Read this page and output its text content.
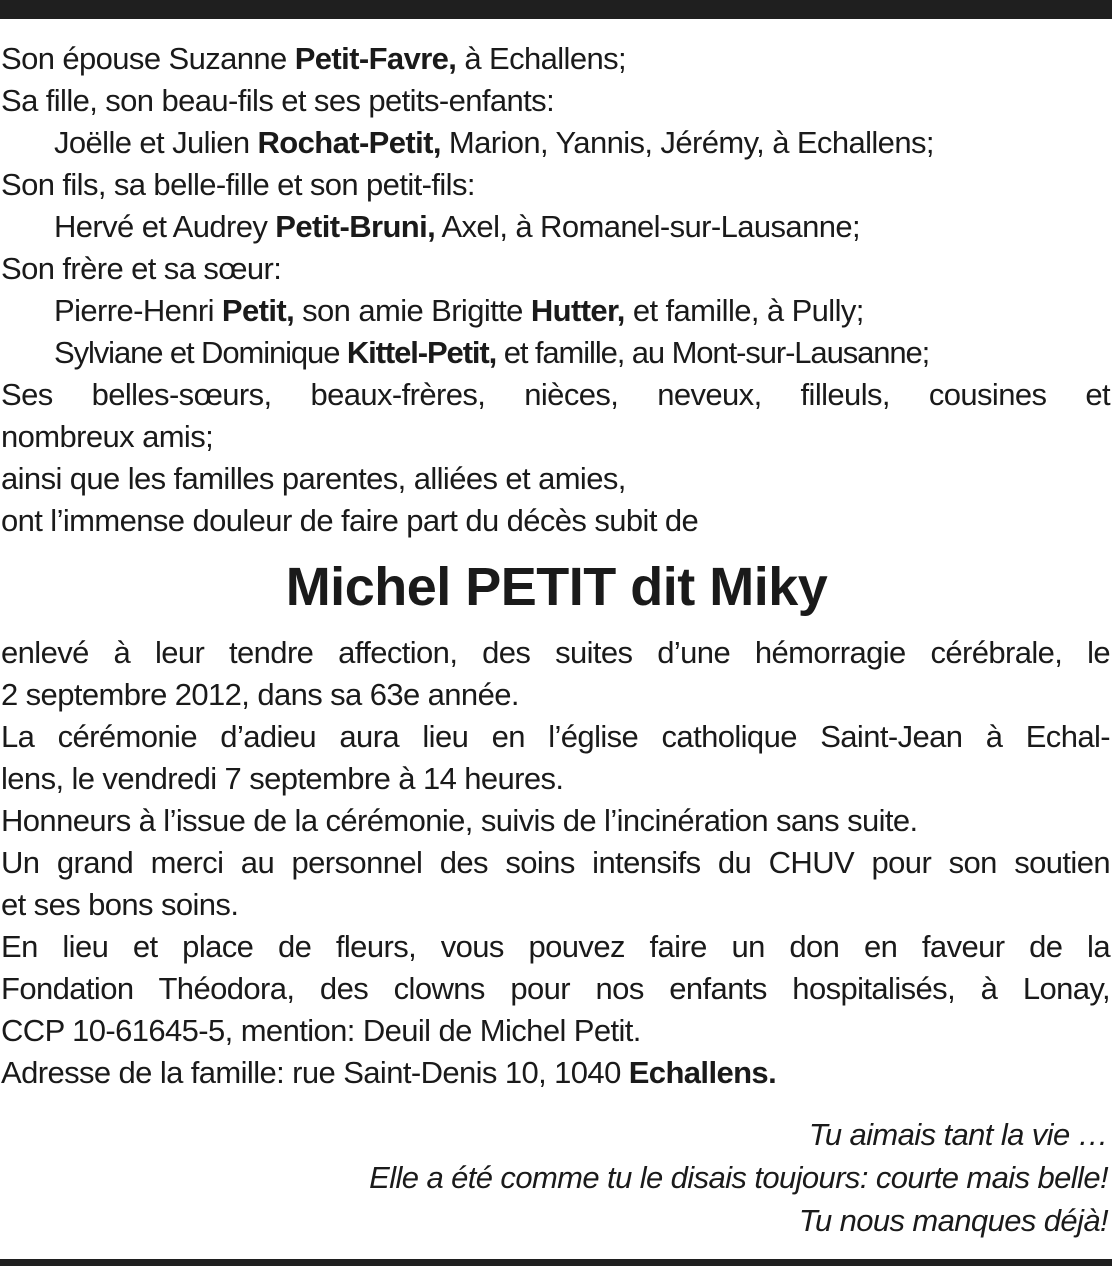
Son épouse Suzanne Petit-Favre, à Echallens;
Sa fille, son beau-fils et ses petits-enfants:
Joëlle et Julien Rochat-Petit, Marion, Yannis, Jérémy, à Echallens;
Son fils, sa belle-fille et son petit-fils:
Hervé et Audrey Petit-Bruni, Axel, à Romanel-sur-Lausanne;
Son frère et sa sœur:
Pierre-Henri Petit, son amie Brigitte Hutter, et famille, à Pully;
Sylviane et Dominique Kittel-Petit, et famille, au Mont-sur-Lausanne;
Ses belles-sœurs, beaux-frères, nièces, neveux, filleuls, cousines et
nombreux amis;
ainsi que les familles parentes, alliées et amies,
ont l’immense douleur de faire part du décès subit de
Michel PETIT dit Miky
enlevé à leur tendre affection, des suites d’une hémorragie cérébrale, le
2 septembre 2012, dans sa 63e année.
La cérémonie d’adieu aura lieu en l’église catholique Saint-Jean à Echal-
lens, le vendredi 7 septembre à 14 heures.
Honneurs à l’issue de la cérémonie, suivis de l’incinération sans suite.
Un grand merci au personnel des soins intensifs du CHUV pour son soutien
et ses bons soins.
En lieu et place de fleurs, vous pouvez faire un don en faveur de la
Fondation Théodora, des clowns pour nos enfants hospitalisés, à Lonay,
CCP 10-61645-5, mention: Deuil de Michel Petit.
Adresse de la famille: rue Saint-Denis 10, 1040 Echallens.
Tu aimais tant la vie …
Elle a été comme tu le disais toujours: courte mais belle!
Tu nous manques déjà!
